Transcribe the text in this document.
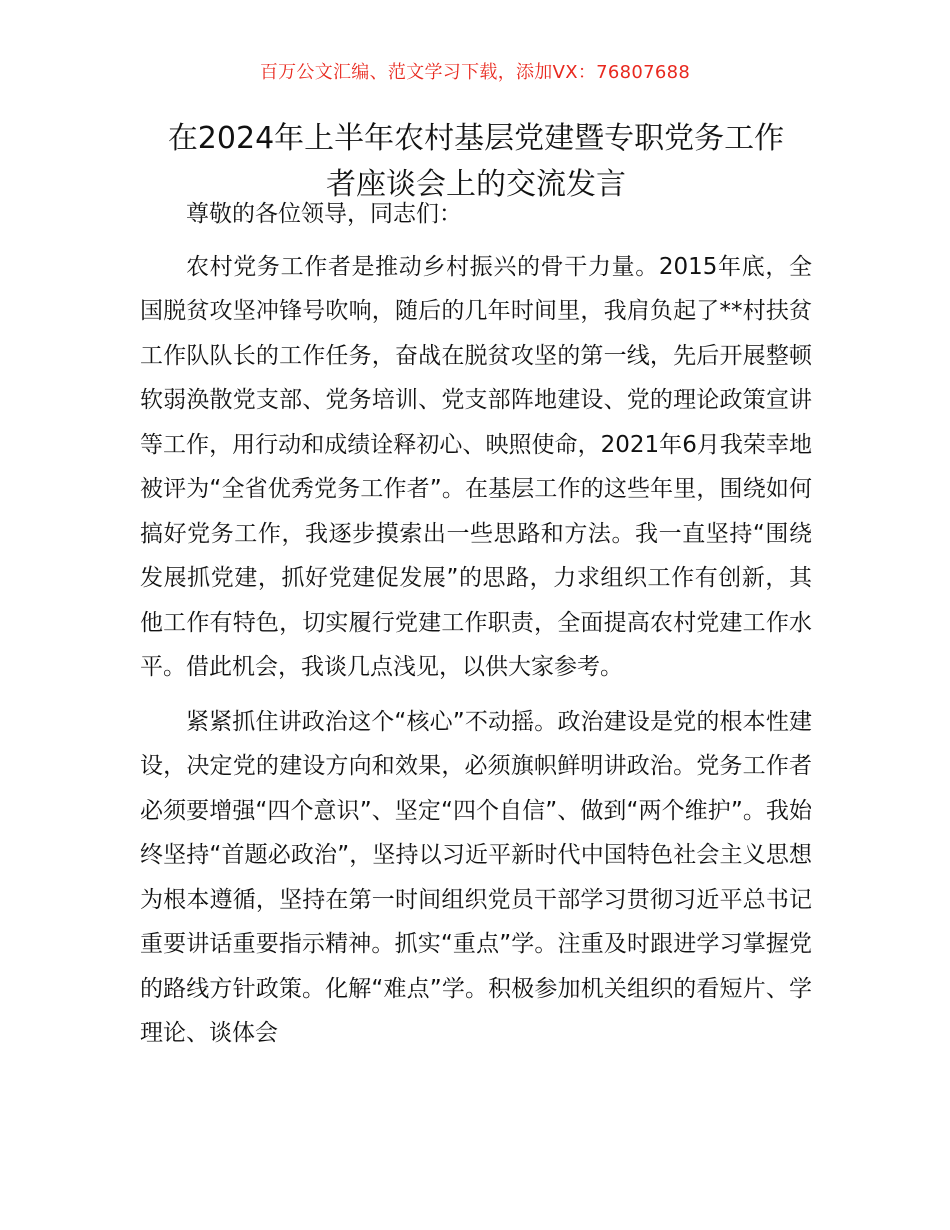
百万公文汇编、范文学习下载，添加VX：76807688
在2024年上半年农村基层党建暨专职党务工作
者座谈会上的交流发言

尊敬的各位领导，同志们：

农村党务工作者是推动乡村振兴的骨干力量。2015年底，全国脱贫攻坚冲锋号吹响，随后的几年时间里，我肩负起了**村扶贫工作队队长的工作任务，奋战在脱贫攻坚的第一线，先后开展整顿软弱涣散党支部、党务培训、党支部阵地建设、党的理论政策宣讲等工作，用行动和成绩诠释初心、映照使命，2021年6月我荣幸地被评为“全省优秀党务工作者”。在基层工作的这些年里，围绕如何搞好党务工作，我逐步摸索出一些思路和方法。我一直坚持“围绕发展抓党建，抓好党建促发展”的思路，力求组织工作有创新，其他工作有特色，切实履行党建工作职责，全面提高农村党建工作水平。借此机会，我谈几点浅见，以供大家参考。

紧紧抓住讲政治这个“核心”不动摇。政治建设是党的根本性建设，决定党的建设方向和效果，必须旗帜鲜明讲政治。党务工作者必须要增强“四个意识”、坚定“四个自信”、做到“两个维护”。我始终坚持“首题必政治”，坚持以习近平新时代中国特色社会主义思想为根本遵循，坚持在第一时间组织党员干部学习贯彻习近平总书记重要讲话重要指示精神。抓实“重点”学。注重及时跟进学习掌握党的路线方针政策。化解“难点”学。积极参加机关组织的看短片、学理论、谈体会
